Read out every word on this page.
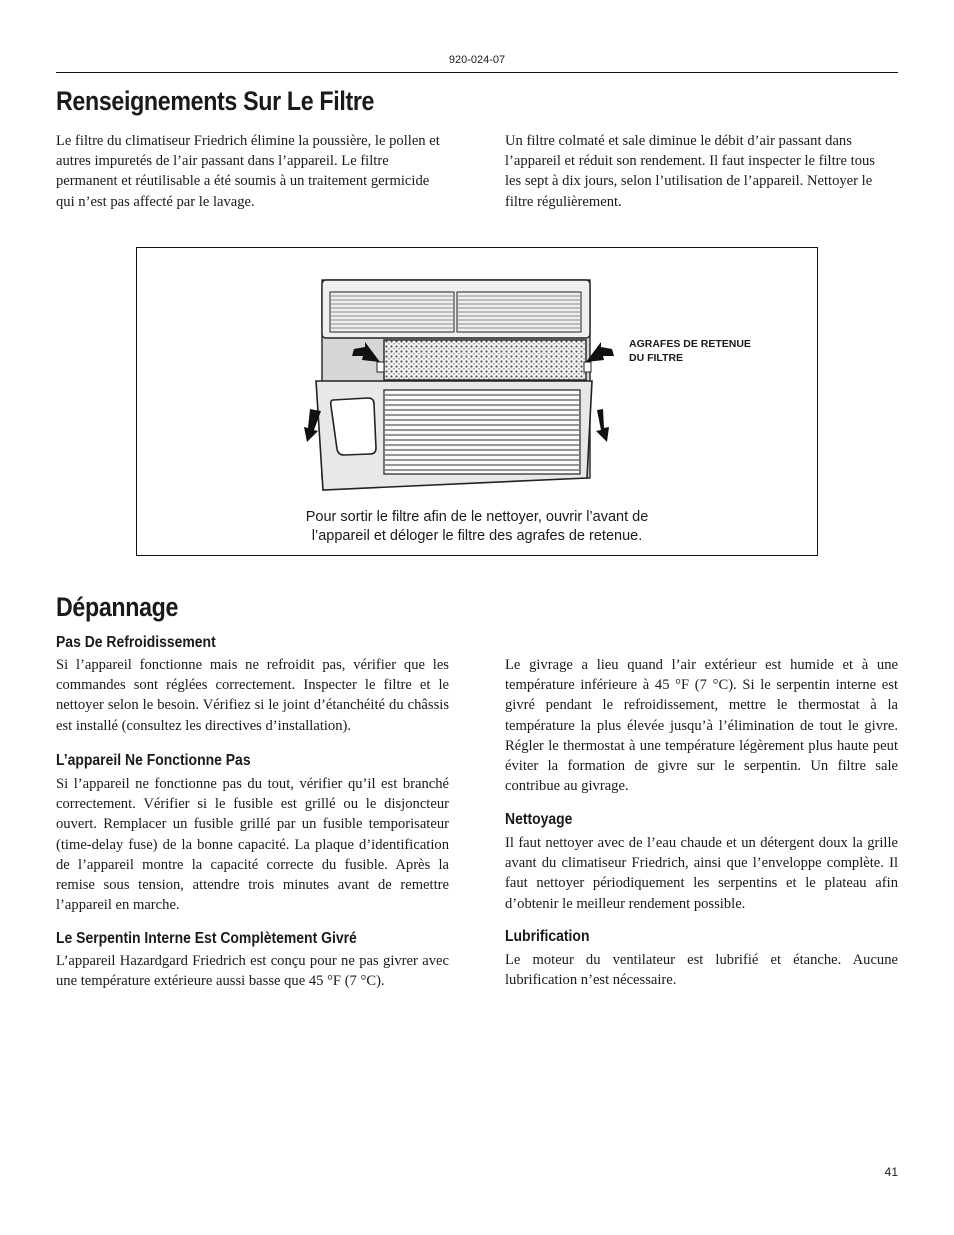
920-024-07
Renseignements Sur Le Filtre

Le filtre du climatiseur Friedrich élimine la poussière, le pollen et autres impuretés de l’air passant dans l’appareil. Le filtre permanent et réutilisable a été soumis à un traitement germicide qui n’est pas affecté par le lavage.

Un filtre colmaté et sale diminue le débit d’air passant dans l’appareil et réduit son rendement. Il faut inspecter le filtre tous les sept à dix jours, selon l’utilisation de l’appareil. Nettoyer le filtre régulièrement.

AGRAFES DE RETENUE
DU FILTRE
Pour sortir le filtre afin de le nettoyer, ouvrir l’avant de
l’appareil et déloger le filtre des agrafes de retenue.
Dépannage
Pas De Refroidissement

Si l’appareil fonctionne mais ne refroidit pas, vérifier que les commandes sont réglées correctement. Inspecter le filtre et le nettoyer selon le besoin. Vérifiez si le joint d’étanchéité du châssis est installé (consultez les directives d’installation).

L’appareil Ne Fonctionne Pas

Si l’appareil ne fonctionne pas du tout, vérifier qu’il est branché correctement. Vérifier si le fusible est grillé ou le disjoncteur ouvert. Remplacer un fusible grillé par un fusible temporisateur (time-delay fuse) de la bonne capacité. La plaque d’identification de l’appareil montre la capacité correcte du fusible. Après la remise sous tension, attendre trois minutes avant de remettre l’appareil en marche.

Le Serpentin Interne Est Complètement Givré

L’appareil Hazardgard Friedrich est conçu pour ne pas givrer avec une température extérieure aussi basse que 45 °F (7 °C).

Le givrage a lieu quand l’air extérieur est humide et à une température inférieure à 45 °F (7 °C). Si le serpentin interne est givré pendant le refroidissement, mettre le thermostat à la température la plus élevée jusqu’à l’élimination de tout le givre. Régler le thermostat à une température légèrement plus haute peut éviter la formation de givre sur le serpentin. Un filtre sale contribue au givrage.

Nettoyage

Il faut nettoyer avec de l’eau chaude et un détergent doux la grille avant du climatiseur Friedrich, ainsi que l’enveloppe complète. Il faut nettoyer périodiquement les serpentins et le plateau afin d’obtenir le meilleur rendement possible.

Lubrification

Le moteur du ventilateur est lubrifié et étanche. Aucune lubrification n’est nécessaire.

41
